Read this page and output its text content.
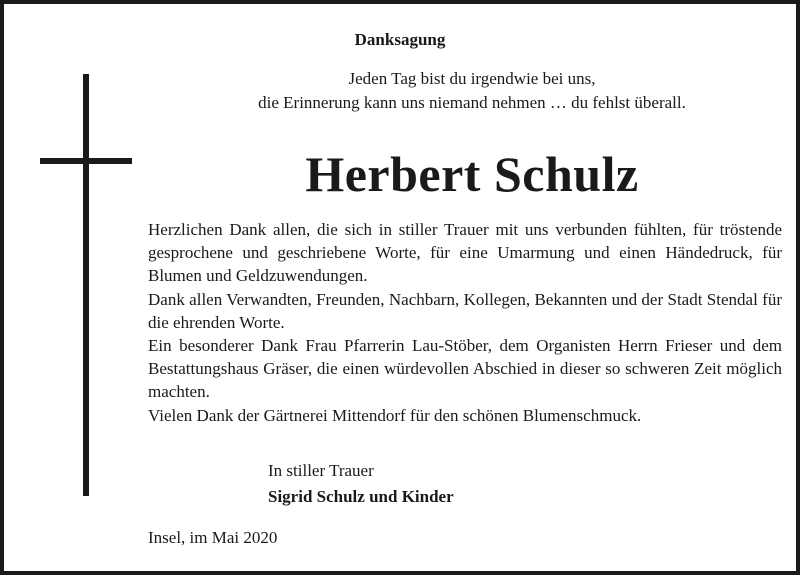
Danksagung
Jeden Tag bist du irgendwie bei uns,
die Erinnerung kann uns niemand nehmen … du fehlst überall.
Herbert Schulz

Herzlichen Dank allen, die sich in stiller Trauer mit uns verbunden fühlten, für tröstende gesprochene und geschriebene Worte, für eine Umarmung und einen Händedruck, für Blumen und Geldzuwendungen.

Dank allen Verwandten, Freunden, Nachbarn, Kollegen, Bekannten und der Stadt Stendal für die ehrenden Worte.

Ein besonderer Dank Frau Pfarrerin Lau-Stöber, dem Organisten Herrn Frieser und dem Bestattungshaus Gräser, die einen würdevollen Abschied in dieser so schweren Zeit möglich machten.

Vielen Dank der Gärtnerei Mittendorf für den schönen Blumenschmuck.

In stiller Trauer
Sigrid Schulz und Kinder
Insel, im Mai 2020
